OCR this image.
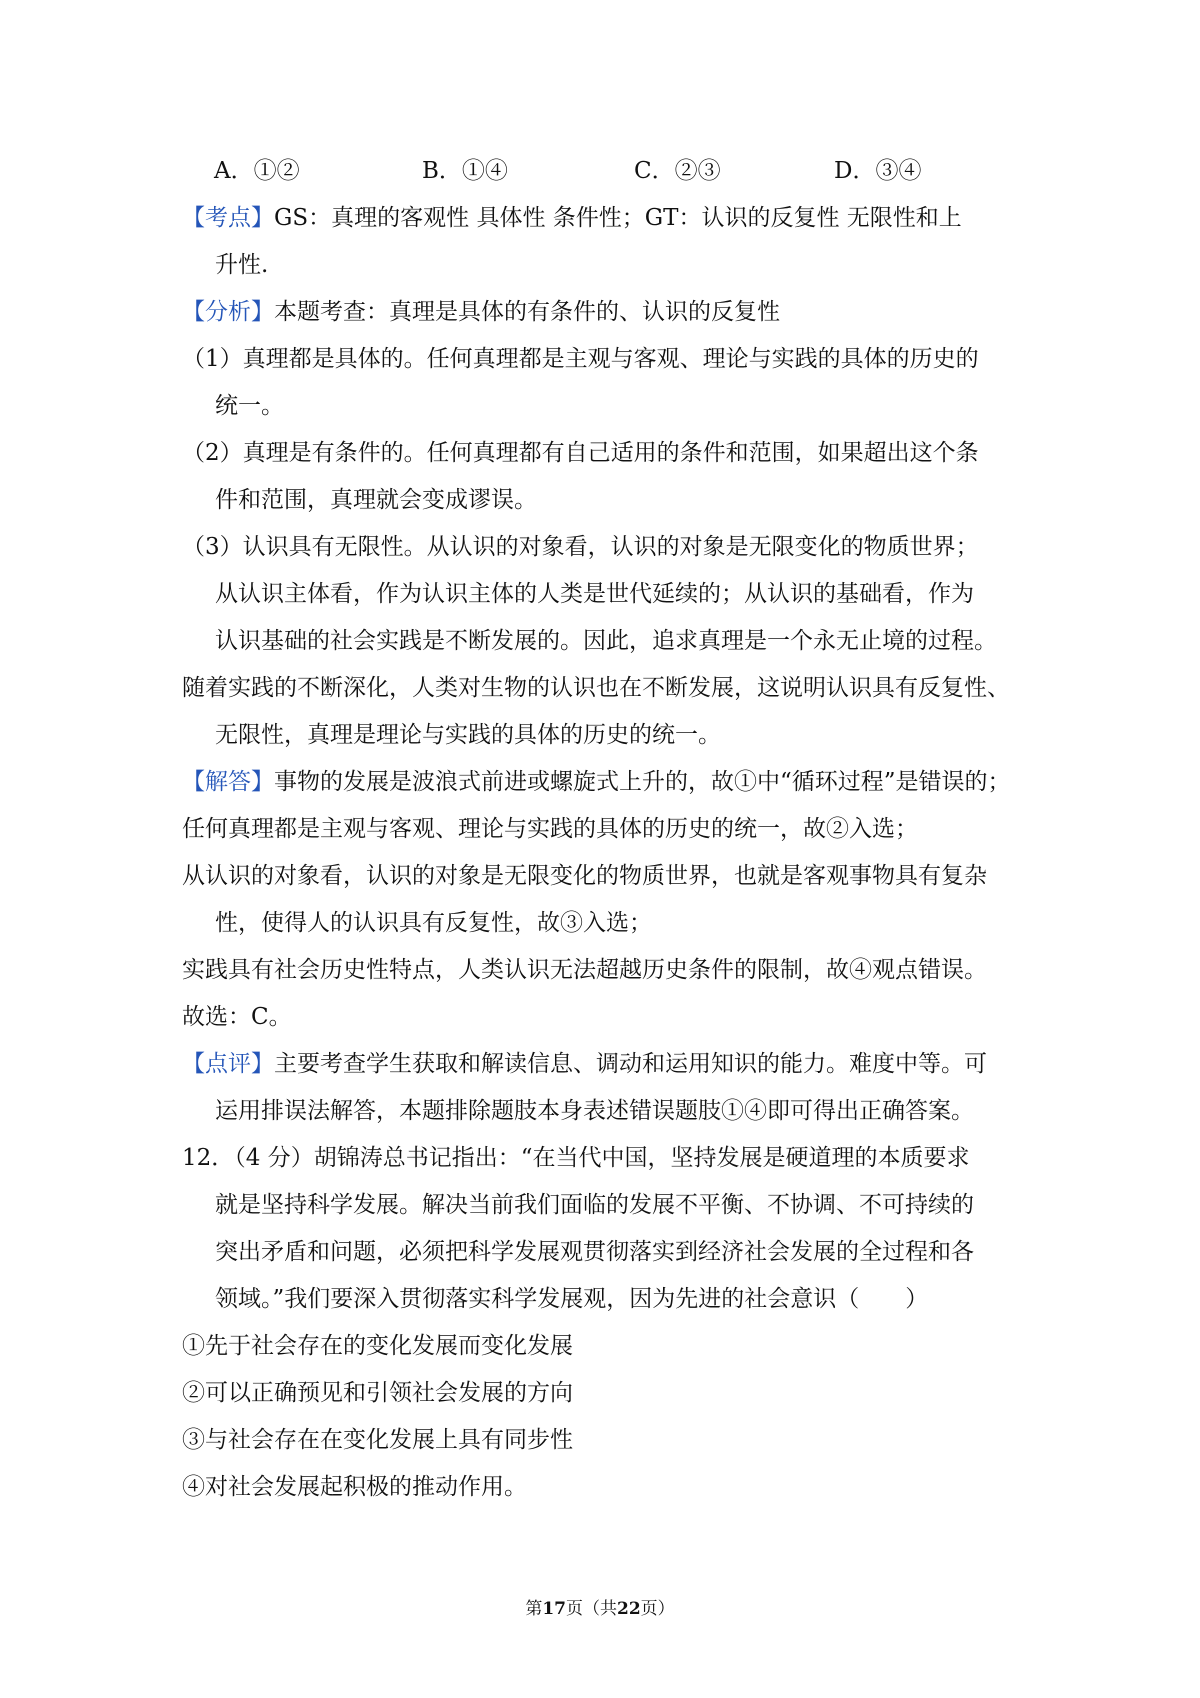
A．①②	B．①④	C．②③	D．③④
【考点】GS：真理的客观性 具体性 条件性；GT：认识的反复性 无限性和上
升性.
【分析】本题考查：真理是具体的有条件的、认识的反复性
（1）真理都是具体的。任何真理都是主观与客观、理论与实践的具体的历史的
统一。
（2）真理是有条件的。任何真理都有自己适用的条件和范围，如果超出这个条
件和范围，真理就会变成谬误。
（3）认识具有无限性。从认识的对象看，认识的对象是无限变化的物质世界；
从认识主体看，作为认识主体的人类是世代延续的；从认识的基础看，作为
认识基础的社会实践是不断发展的。因此，追求真理是一个永无止境的过程。
随着实践的不断深化，人类对生物的认识也在不断发展，这说明认识具有反复性、
无限性，真理是理论与实践的具体的历史的统一。
【解答】事物的发展是波浪式前进或螺旋式上升的，故①中“循环过程”是错误的；
任何真理都是主观与客观、理论与实践的具体的历史的统一，故②入选；
从认识的对象看，认识的对象是无限变化的物质世界，也就是客观事物具有复杂
性，使得人的认识具有反复性，故③入选；
实践具有社会历史性特点，人类认识无法超越历史条件的限制，故④观点错误。
故选：C。
【点评】主要考查学生获取和解读信息、调动和运用知识的能力。难度中等。可
运用排误法解答，本题排除题肢本身表述错误题肢①④即可得出正确答案。
12．（4 分）胡锦涛总书记指出：“在当代中国，坚持发展是硬道理的本质要求
就是坚持科学发展。解决当前我们面临的发展不平衡、不协调、不可持续的
突出矛盾和问题，必须把科学发展观贯彻落实到经济社会发展的全过程和各
领域。”我们要深入贯彻落实科学发展观，因为先进的社会意识（　　）
①先于社会存在的变化发展而变化发展
②可以正确预见和引领社会发展的方向
③与社会存在在变化发展上具有同步性
④对社会发展起积极的推动作用。
第17页（共22页）
